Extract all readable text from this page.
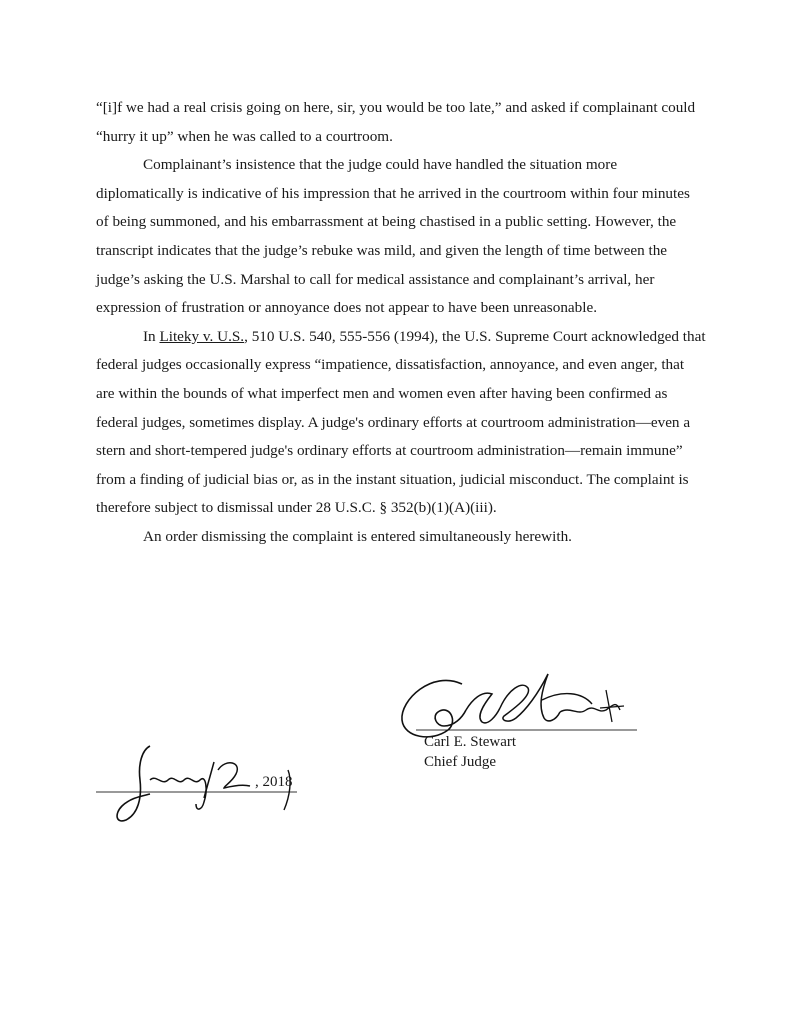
“[i]f we had a real crisis going on here, sir, you would be too late,” and asked if complainant could “hurry it up” when he was called to a courtroom.

Complainant’s insistence that the judge could have handled the situation more diplomatically is indicative of his impression that he arrived in the courtroom within four minutes of being summoned, and his embarrassment at being chastised in a public setting. However, the transcript indicates that the judge’s rebuke was mild, and given the length of time between the judge’s asking the U.S. Marshal to call for medical assistance and complainant’s arrival, her expression of frustration or annoyance does not appear to have been unreasonable.

In Liteky v. U.S., 510 U.S. 540, 555-556 (1994), the U.S. Supreme Court acknowledged that federal judges occasionally express “impatience, dissatisfaction, annoyance, and even anger, that are within the bounds of what imperfect men and women even after having been confirmed as federal judges, sometimes display. A judge's ordinary efforts at courtroom administration—even a stern and short-tempered judge's ordinary efforts at courtroom administration—remain immune” from a finding of judicial bias or, as in the instant situation, judicial misconduct. The complaint is therefore subject to dismissal under 28 U.S.C. § 352(b)(1)(A)(iii).

An order dismissing the complaint is entered simultaneously herewith.

Carl E. Stewart
Chief Judge
, 2018
